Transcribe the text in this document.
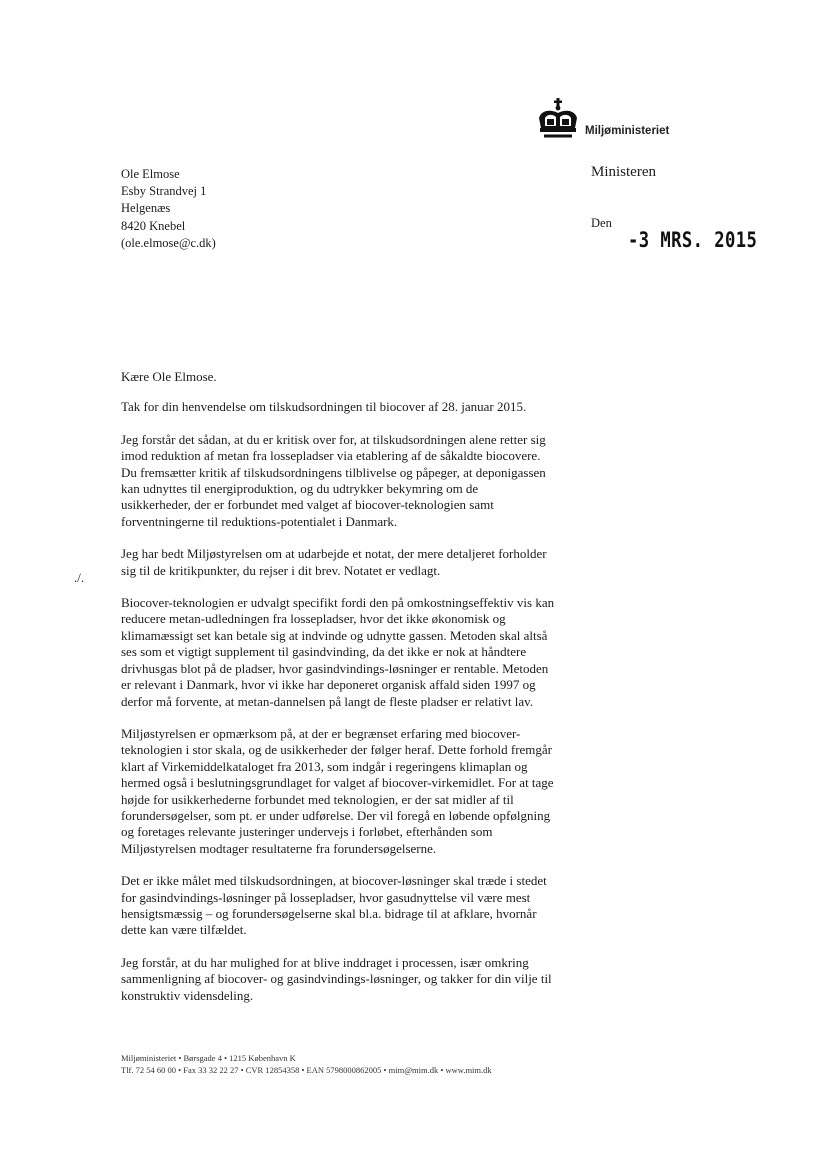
Miljøministeriet
Ole Elmose
Esby Strandvej 1
Helgenæs
8420 Knebel
(ole.elmose@c.dk)
Ministeren
Den
-3 MRS. 2015
./.

Kære Ole Elmose.

Tak for din henvendelse om tilskudsordningen til biocover af 28. januar 2015.

Jeg forstår det sådan, at du er kritisk over for, at tilskudsordningen alene retter sig
imod reduktion af metan fra lossepladser via etablering af de såkaldte biocovere.
Du fremsætter kritik af tilskudsordningens tilblivelse og påpeger, at deponigassen
kan udnyttes til energiproduktion, og du udtrykker bekymring om de
usikkerheder, der er forbundet med valget af biocover-teknologien samt
forventningerne til reduktions-potentialet i Danmark.

Jeg har bedt Miljøstyrelsen om at udarbejde et notat, der mere detaljeret forholder
sig til de kritikpunkter, du rejser i dit brev. Notatet er vedlagt.

Biocover-teknologien er udvalgt specifikt fordi den på omkostningseffektiv vis kan
reducere metan-udledningen fra lossepladser, hvor det ikke økonomisk og
klimamæssigt set kan betale sig at indvinde og udnytte gassen. Metoden skal altså
ses som et vigtigt supplement til gasindvinding, da det ikke er nok at håndtere
drivhusgas blot på de pladser, hvor gasindvindings-løsninger er rentable. Metoden
er relevant i Danmark, hvor vi ikke har deponeret organisk affald siden 1997 og
derfor må forvente, at metan-dannelsen på langt de fleste pladser er relativt lav.

Miljøstyrelsen er opmærksom på, at der er begrænset erfaring med biocover-
teknologien i stor skala, og de usikkerheder der følger heraf. Dette forhold fremgår
klart af Virkemiddelkataloget fra 2013, som indgår i regeringens klimaplan og
hermed også i beslutningsgrundlaget for valget af biocover-virkemidlet. For at tage
højde for usikkerhederne forbundet med teknologien, er der sat midler af til
forundersøgelser, som pt. er under udførelse. Der vil foregå en løbende opfølgning
og foretages relevante justeringer undervejs i forløbet, efterhånden som
Miljøstyrelsen modtager resultaterne fra forundersøgelserne.

Det er ikke målet med tilskudsordningen, at biocover-løsninger skal træde i stedet
for gasindvindings-løsninger på lossepladser, hvor gasudnyttelse vil være mest
hensigtsmæssig – og forundersøgelserne skal bl.a. bidrage til at afklare, hvornår
dette kan være tilfældet.

Jeg forstår, at du har mulighed for at blive inddraget i processen, især omkring
sammenligning af biocover- og gasindvindings-løsninger, og takker for din vilje til
konstruktiv vidensdeling.

Miljøministeriet • Børsgade 4 • 1215 København K
Tlf. 72 54 60 00 • Fax 33 32 22 27 • CVR 12854358 • EAN 5798000862005 • mim@mim.dk • www.mim.dk
